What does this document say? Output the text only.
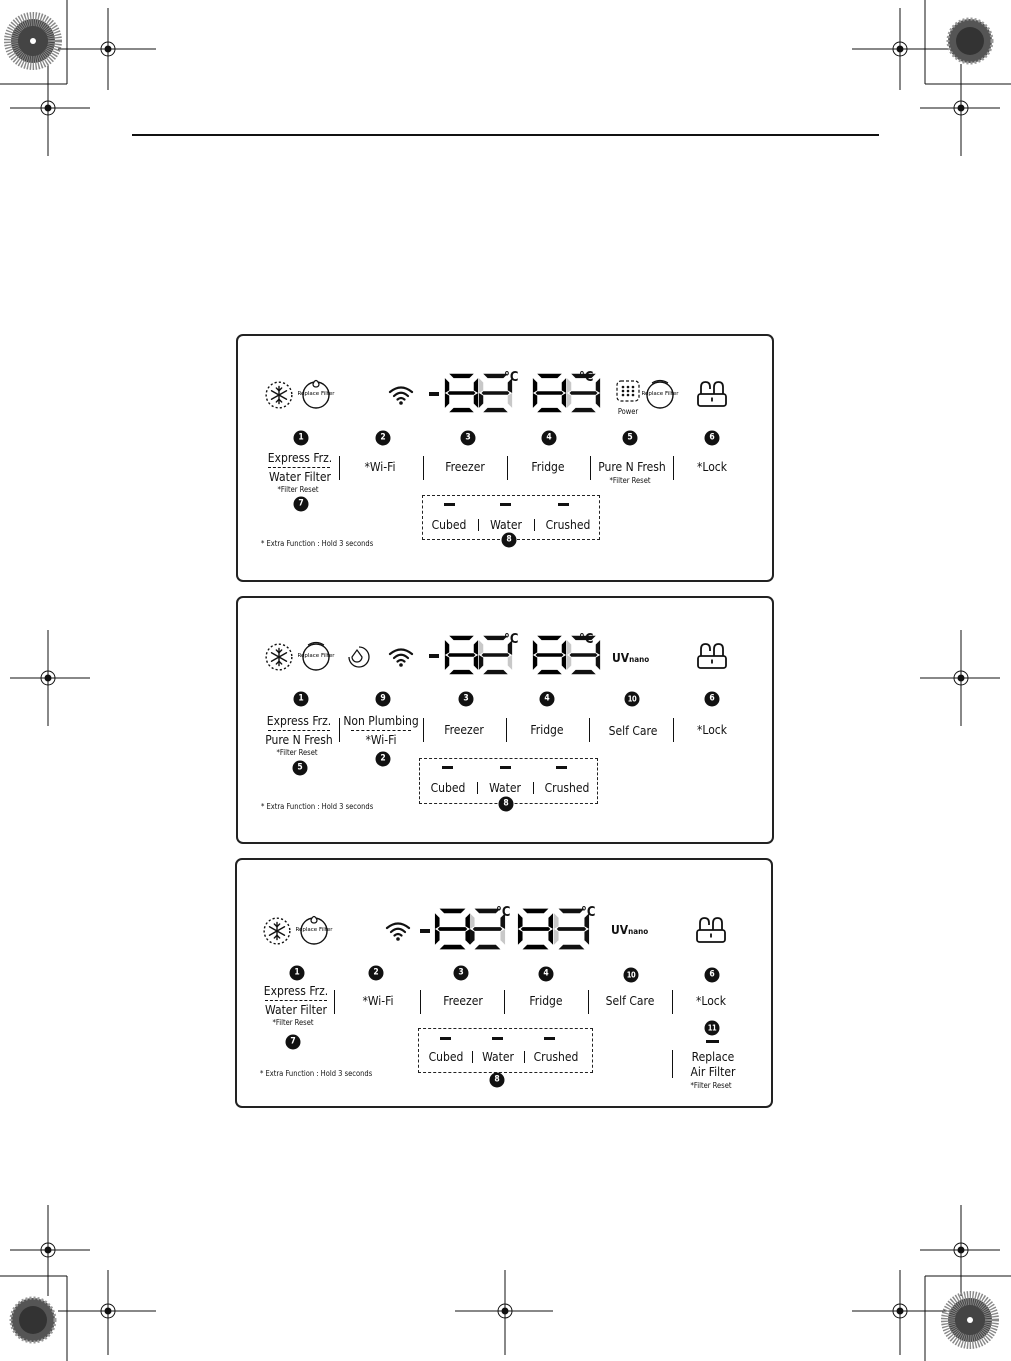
Replace Filter
°C	°C
Power
Replace Filter
1	2	3	4	5	6
Express Frz.
Water Filter
*Filter Reset
7
*Wi-Fi	Freezer	Fridge	Pure N Fresh
*Filter Reset
*Lock
Cubed Water Crushed
8
* Extra Function : Hold 3 seconds
Replace Filter
°C	°C
UVnano
1	9	3	4	10	6
Express Frz.
Pure N Fresh
*Filter Reset
5
Non Plumbing
*Wi-Fi
2
Freezer	Fridge	Self Care	*Lock
Cubed Water Crushed
8
* Extra Function : Hold 3 seconds
Replace Filter
°C	°C
UVnano
1	2	3	4	10	6
Express Frz.
Water Filter
*Filter Reset
7
*Wi-Fi	Freezer	Fridge	Self Care	*Lock
11
Replace
Air Filter
*Filter Reset
Cubed Water Crushed
8
* Extra Function : Hold 3 seconds
